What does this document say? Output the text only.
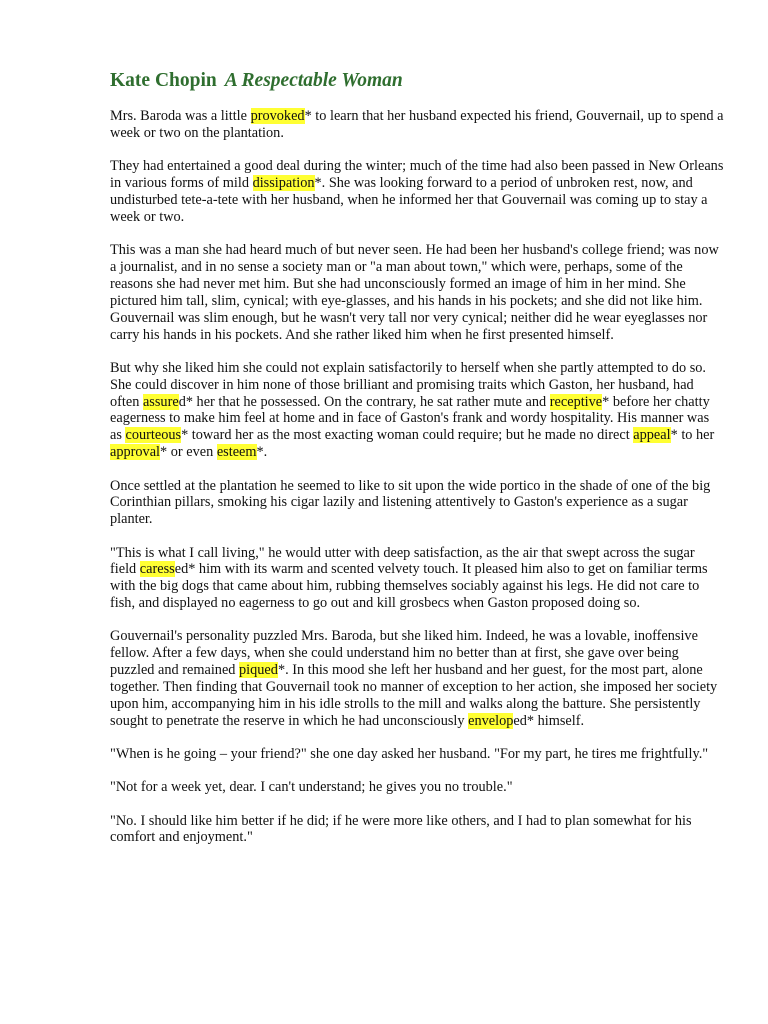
Kate Chopin A Respectable Woman

Mrs. Baroda was a little provoked* to learn that her husband expected his friend, Gouvernail, up to spend a week or two on the plantation.

They had entertained a good deal during the winter; much of the time had also been passed in New Orleans in various forms of mild dissipation*. She was looking forward to a period of unbroken rest, now, and undisturbed tete-a-tete with her husband, when he informed her that Gouvernail was coming up to stay a week or two.

This was a man she had heard much of but never seen. He had been her husband's college friend; was now a journalist, and in no sense a society man or "a man about town," which were, perhaps, some of the reasons she had never met him. But she had unconsciously formed an image of him in her mind. She pictured him tall, slim, cynical; with eye-glasses, and his hands in his pockets; and she did not like him. Gouvernail was slim enough, but he wasn't very tall nor very cynical; neither did he wear eyeglasses nor carry his hands in his pockets. And she rather liked him when he first presented himself.

But why she liked him she could not explain satisfactorily to herself when she partly attempted to do so. She could discover in him none of those brilliant and promising traits which Gaston, her husband, had often assured* her that he possessed. On the contrary, he sat rather mute and receptive* before her chatty eagerness to make him feel at home and in face of Gaston's frank and wordy hospitality. His manner was as courteous* toward her as the most exacting woman could require; but he made no direct appeal* to her approval* or even esteem*.

Once settled at the plantation he seemed to like to sit upon the wide portico in the shade of one of the big Corinthian pillars, smoking his cigar lazily and listening attentively to Gaston's experience as a sugar planter.

"This is what I call living," he would utter with deep satisfaction, as the air that swept across the sugar field caressed* him with its warm and scented velvety touch. It pleased him also to get on familiar terms with the big dogs that came about him, rubbing themselves sociably against his legs. He did not care to fish, and displayed no eagerness to go out and kill grosbecs when Gaston proposed doing so.

Gouvernail's personality puzzled Mrs. Baroda, but she liked him. Indeed, he was a lovable, inoffensive fellow. After a few days, when she could understand him no better than at first, she gave over being puzzled and remained piqued*. In this mood she left her husband and her guest, for the most part, alone together. Then finding that Gouvernail took no manner of exception to her action, she imposed her society upon him, accompanying him in his idle strolls to the mill and walks along the batture. She persistently sought to penetrate the reserve in which he had unconsciously enveloped* himself.

"When is he going – your friend?" she one day asked her husband. "For my part, he tires me frightfully."

"Not for a week yet, dear. I can't understand; he gives you no trouble."

"No. I should like him better if he did; if he were more like others, and I had to plan somewhat for his comfort and enjoyment."
